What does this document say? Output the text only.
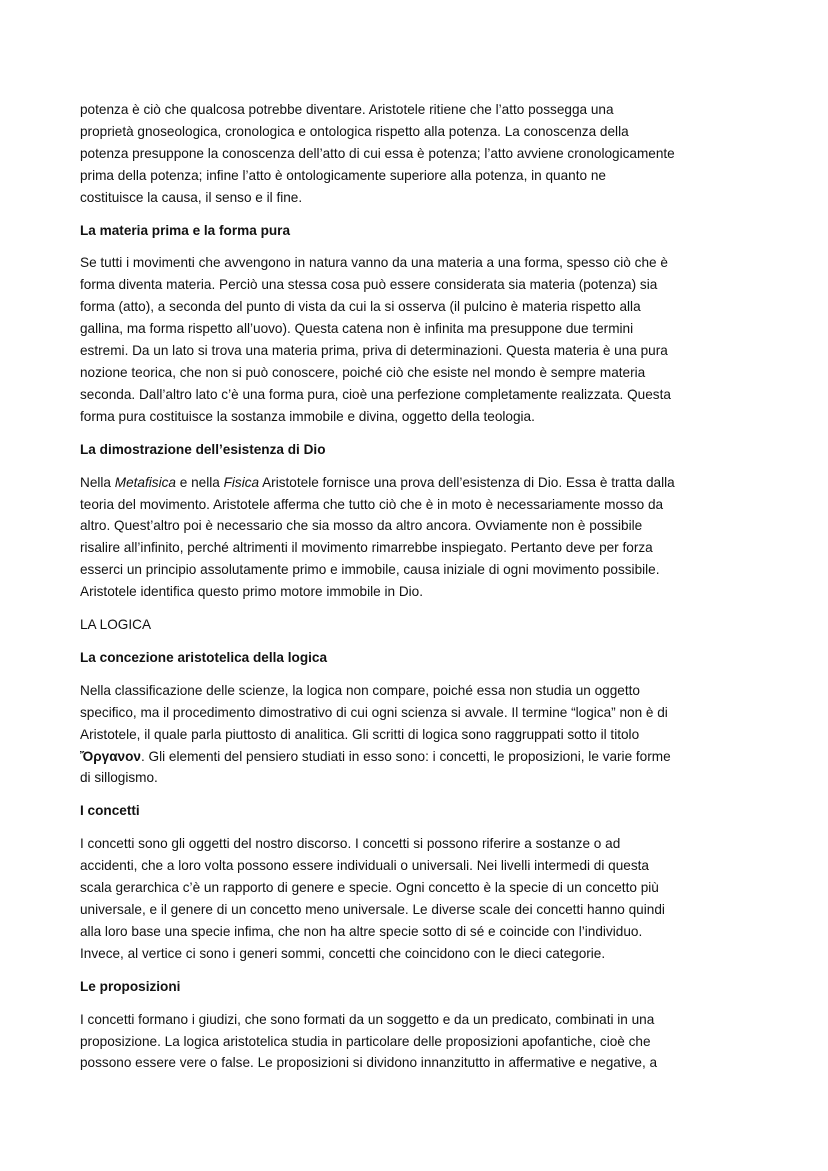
potenza è ciò che qualcosa potrebbe diventare. Aristotele ritiene che l’atto possegga una
proprietà gnoseologica, cronologica e ontologica rispetto alla potenza. La conoscenza della
potenza presuppone la conoscenza dell’atto di cui essa è potenza; l’atto avviene cronologicamente
prima della potenza; infine l’atto è ontologicamente superiore alla potenza, in quanto ne
costituisce la causa, il senso e il fine.
La materia prima e la forma pura
Se tutti i movimenti che avvengono in natura vanno da una materia a una forma, spesso ciò che è
forma diventa materia. Perciò una stessa cosa può essere considerata sia materia (potenza) sia
forma (atto), a seconda del punto di vista da cui la si osserva (il pulcino è materia rispetto alla
gallina, ma forma rispetto all’uovo). Questa catena non è infinita ma presuppone due termini
estremi. Da un lato si trova una materia prima, priva di determinazioni. Questa materia è una pura
nozione teorica, che non si può conoscere, poiché ciò che esiste nel mondo è sempre materia
seconda. Dall’altro lato c’è una forma pura, cioè una perfezione completamente realizzata. Questa
forma pura costituisce la sostanza immobile e divina, oggetto della teologia.
La dimostrazione dell’esistenza di Dio
Nella Metafisica e nella Fisica Aristotele fornisce una prova dell’esistenza di Dio. Essa è tratta dalla
teoria del movimento. Aristotele afferma che tutto ciò che è in moto è necessariamente mosso da
altro. Quest’altro poi è necessario che sia mosso da altro ancora. Ovviamente non è possibile
risalire all’infinito, perché altrimenti il movimento rimarrebbe inspiegato. Pertanto deve per forza
esserci un principio assolutamente primo e immobile, causa iniziale di ogni movimento possibile.
Aristotele identifica questo primo motore immobile in Dio.
LA LOGICA
La concezione aristotelica della logica
Nella classificazione delle scienze, la logica non compare, poiché essa non studia un oggetto
specifico, ma il procedimento dimostrativo di cui ogni scienza si avvale. Il termine “logica” non è di
Aristotele, il quale parla piuttosto di analitica. Gli scritti di logica sono raggruppati sotto il titolo
Ὄργανον. Gli elementi del pensiero studiati in esso sono: i concetti, le proposizioni, le varie forme
di sillogismo.
I concetti
I concetti sono gli oggetti del nostro discorso. I concetti si possono riferire a sostanze o ad
accidenti, che a loro volta possono essere individuali o universali. Nei livelli intermedi di questa
scala gerarchica c’è un rapporto di genere e specie. Ogni concetto è la specie di un concetto più
universale, e il genere di un concetto meno universale. Le diverse scale dei concetti hanno quindi
alla loro base una specie infima, che non ha altre specie sotto di sé e coincide con l’individuo.
Invece, al vertice ci sono i generi sommi, concetti che coincidono con le dieci categorie.
Le proposizioni
I concetti formano i giudizi, che sono formati da un soggetto e da un predicato, combinati in una
proposizione. La logica aristotelica studia in particolare delle proposizioni apofantiche, cioè che
possono essere vere o false. Le proposizioni si dividono innanzitutto in affermative e negative, a
